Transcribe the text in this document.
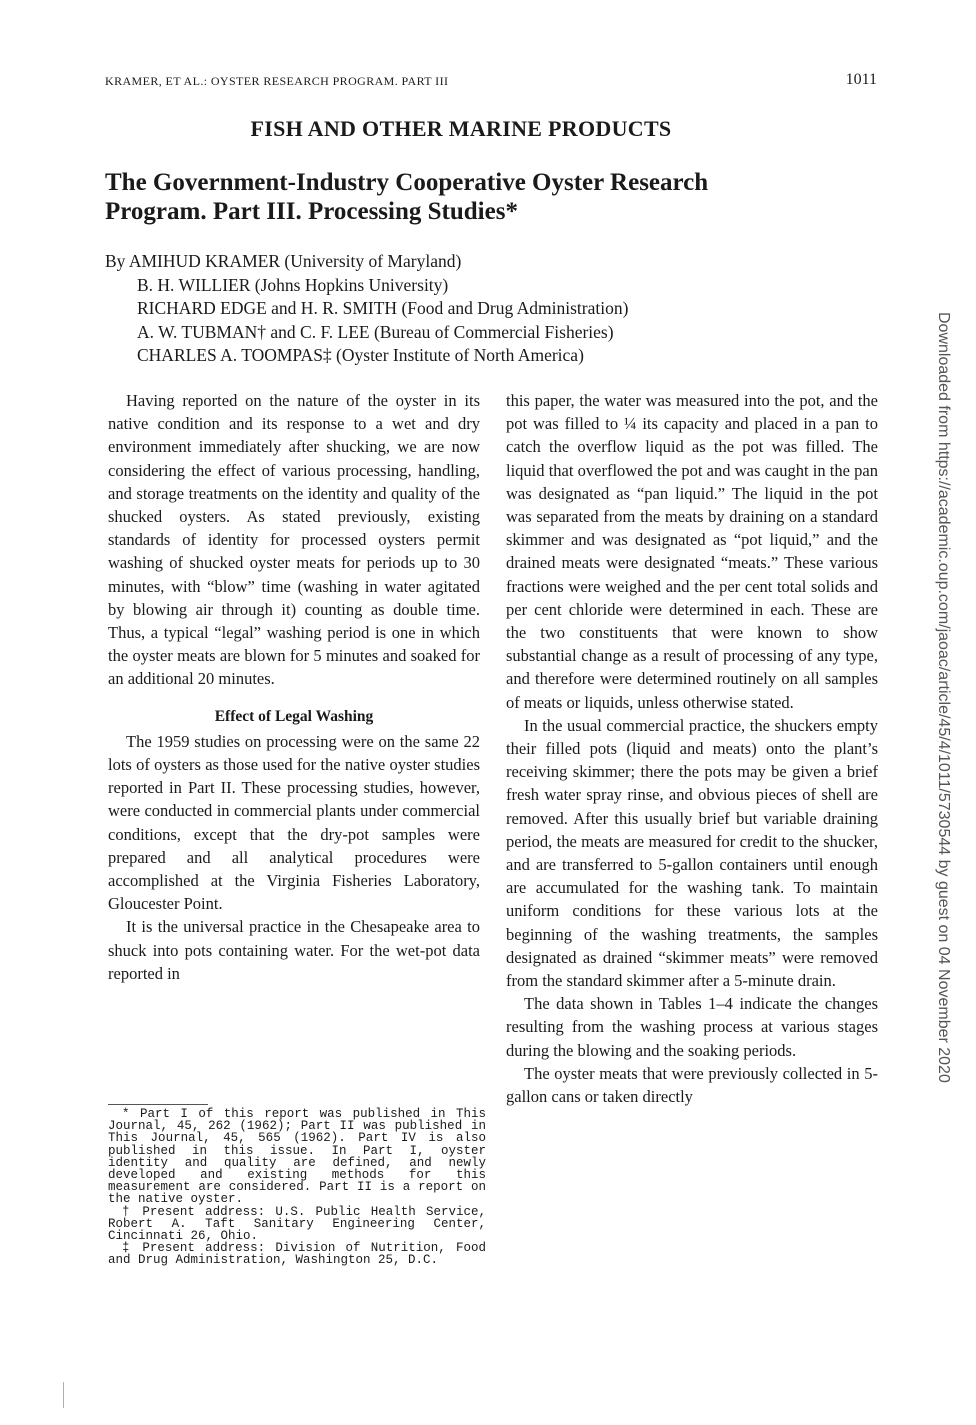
KRAMER, ET AL.: OYSTER RESEARCH PROGRAM. PART III	1011
FISH AND OTHER MARINE PRODUCTS
The Government-Industry Cooperative Oyster Research
Program. Part III. Processing Studies*
By AMIHUD KRAMER (University of Maryland)
B. H. WILLIER (Johns Hopkins University)
RICHARD EDGE and H. R. SMITH (Food and Drug Administration)
A. W. TUBMAN† and C. F. LEE (Bureau of Commercial Fisheries)
CHARLES A. TOOMPAS‡ (Oyster Institute of North America)

Having reported on the nature of the oyster in its native condition and its response to a wet and dry environment immediately after shucking, we are now considering the effect of various processing, handling, and storage treatments on the identity and quality of the shucked oysters. As stated previously, existing standards of identity for processed oysters permit washing of shucked oyster meats for periods up to 30 minutes, with “blow” time (washing in water agitated by blowing air through it) counting as double time. Thus, a typical “legal” washing period is one in which the oyster meats are blown for 5 minutes and soaked for an additional 20 minutes.

Effect of Legal Washing

The 1959 studies on processing were on the same 22 lots of oysters as those used for the native oyster studies reported in Part II. These processing studies, however, were conducted in commercial plants under commercial conditions, except that the dry-pot samples were prepared and all analytical procedures were accomplished at the Virginia Fisheries Laboratory, Gloucester Point.

It is the universal practice in the Chesapeake area to shuck into pots containing water. For the wet-pot data reported in

this paper, the water was measured into the pot, and the pot was filled to ¼ its capacity and placed in a pan to catch the overflow liquid as the pot was filled. The liquid that overflowed the pot and was caught in the pan was designated as “pan liquid.” The liquid in the pot was separated from the meats by draining on a standard skimmer and was designated as “pot liquid,” and the drained meats were designated “meats.” These various fractions were weighed and the per cent total solids and per cent chloride were determined in each. These are the two constituents that were known to show substantial change as a result of processing of any type, and therefore were determined routinely on all samples of meats or liquids, unless otherwise stated.

In the usual commercial practice, the shuckers empty their filled pots (liquid and meats) onto the plant’s receiving skimmer; there the pots may be given a brief fresh water spray rinse, and obvious pieces of shell are removed. After this usually brief but variable draining period, the meats are measured for credit to the shucker, and are transferred to 5-gallon containers until enough are accumulated for the washing tank. To maintain uniform conditions for these various lots at the beginning of the washing treatments, the samples designated as drained “skimmer meats” were removed from the standard skimmer after a 5-minute drain.

The data shown in Tables 1–4 indicate the changes resulting from the washing process at various stages during the blowing and the soaking periods.

The oyster meats that were previously collected in 5-gallon cans or taken directly

* Part I of this report was published in This Journal, 45, 262 (1962); Part II was published in This Journal, 45, 565 (1962). Part IV is also published in this issue. In Part I, oyster identity and quality are defined, and newly developed and existing methods for this measurement are considered. Part II is a report on the native oyster.

† Present address: U.S. Public Health Service, Robert A. Taft Sanitary Engineering Center, Cincinnati 26, Ohio.

‡ Present address: Division of Nutrition, Food and Drug Administration, Washington 25, D.C.

Downloaded from https://academic.oup.com/jaoac/article/45/4/1011/5730544 by guest on 04 November 2020
